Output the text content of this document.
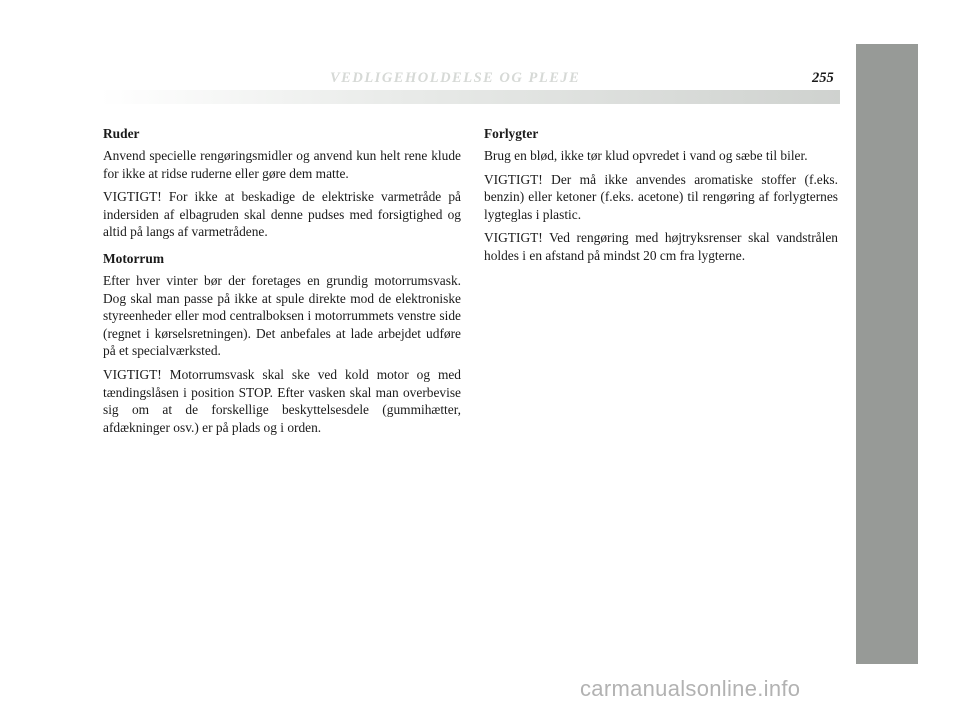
VEDLIGEHOLDELSE OG PLEJE	255
Ruder

Anvend specielle rengøringsmidler og anvend kun helt rene klude for ikke at ridse ruderne eller gøre dem matte.

VIGTIGT! For ikke at beskadige de elektriske varmetråde på indersiden af elbagruden skal denne pudses med forsigtighed og altid på langs af varmetrådene.

Motorrum

Efter hver vinter bør der foretages en grundig motorrumsvask. Dog skal man passe på ikke at spule direkte mod de elektroniske styreenheder eller mod centralboksen i motorrummets venstre side (regnet i kørselsretningen). Det anbefales at lade arbejdet udføre på et specialværksted.

VIGTIGT! Motorrumsvask skal ske ved kold motor og med tændingslåsen i position STOP. Efter vasken skal man overbevise sig om at de forskellige beskyttelsesdele (gummihætter, afdækninger osv.) er på plads og i orden.

Forlygter

Brug en blød, ikke tør klud opvredet i vand og sæbe til biler.

VIGTIGT! Der må ikke anvendes aromatiske stoffer (f.eks. benzin) eller ketoner (f.eks. acetone) til rengøring af forlygternes lygteglas i plastic.

VIGTIGT! Ved rengøring med højtryksrenser skal vandstrålen holdes i en afstand på mindst 20 cm fra lygterne.

carmanualsonline.info
